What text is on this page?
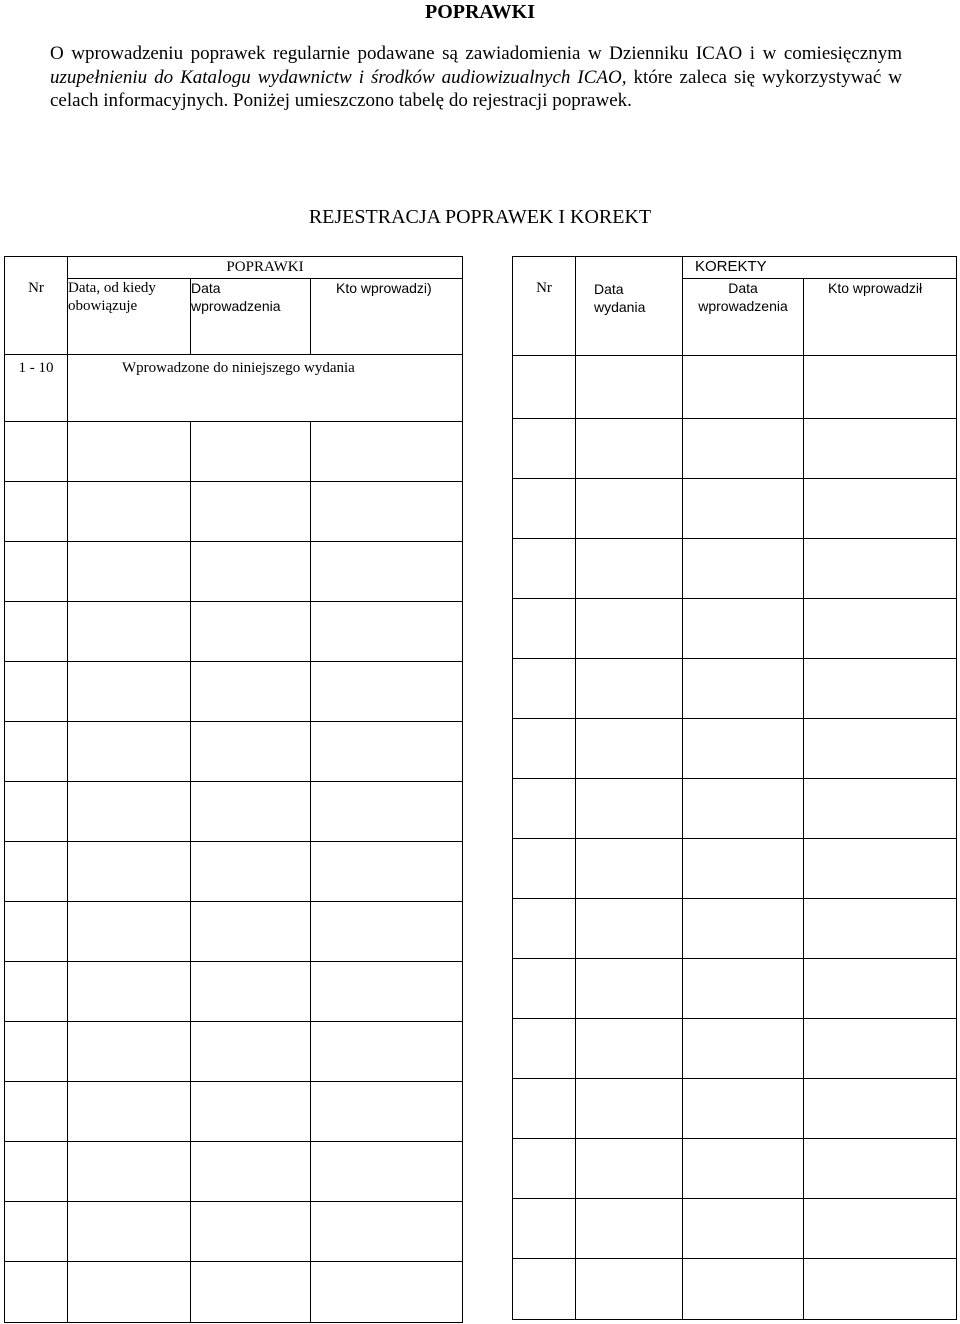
POPRAWKI

O wprowadzeniu poprawek regularnie podawane są zawiadomienia w Dzienniku ICAO i w comiesięcznym uzupełnieniu do Katalogu wydawnictw i środków audiowizualnych ICAO, które zaleca się wykorzystywać w celach informacyjnych. Poniżej umieszczono tabelę do rejestracji poprawek.

REJESTRACJA POPRAWEK I KOREKT
	POPRAWKI		
Nr	Data, od kiedy obowiązuje	Data wprowadzenia	Kto wprowadzi)
1 - 10	Wprowadzone do niniejszego wydania		

		KOREKTY	
Nr	Data wydania	Data wprowadzenia	Kto wprowadził
